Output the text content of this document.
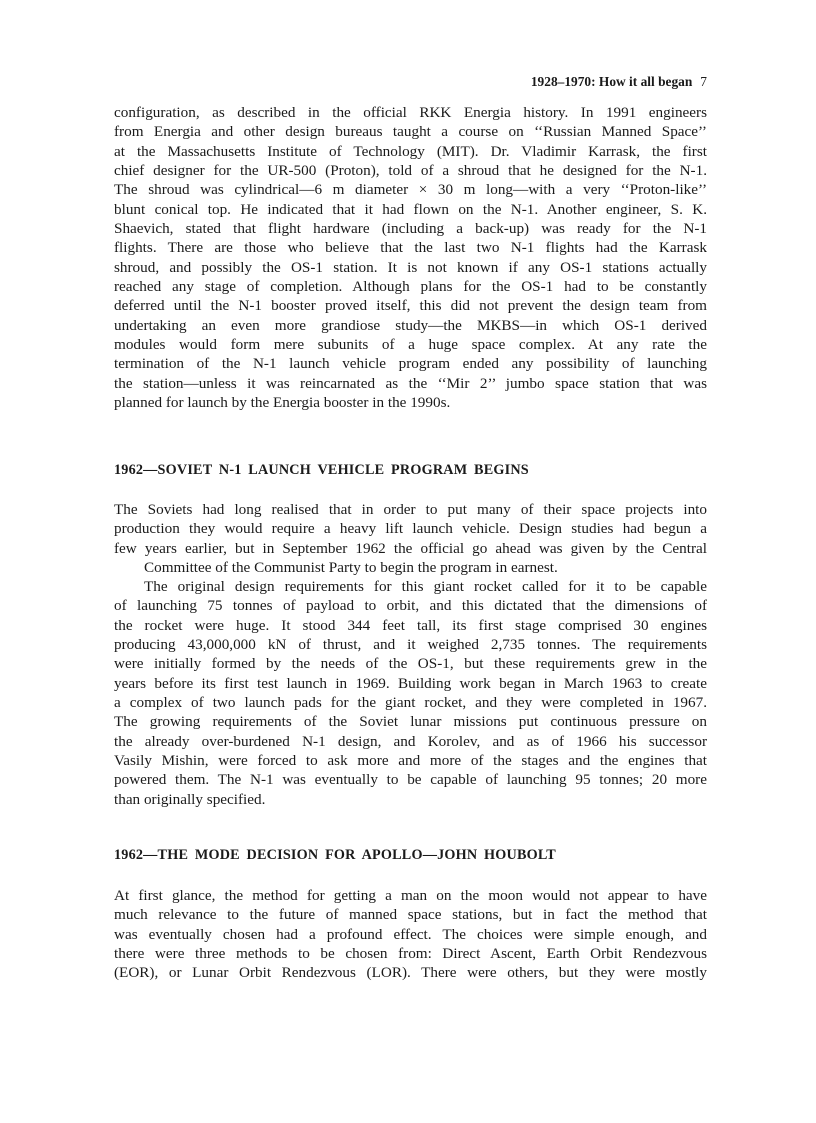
1928–1970: How it all began 7
configuration, as described in the official RKK Energia history. In 1991 engineers
from Energia and other design bureaus taught a course on ‘‘Russian Manned Space’’
at the Massachusetts Institute of Technology (MIT). Dr. Vladimir Karrask, the first
chief designer for the UR-500 (Proton), told of a shroud that he designed for the N-1.
The shroud was cylindrical—6 m diameter × 30 m long—with a very ‘‘Proton-like’’
blunt conical top. He indicated that it had flown on the N-1. Another engineer, S. K.
Shaevich, stated that flight hardware (including a back-up) was ready for the N-1
flights. There are those who believe that the last two N-1 flights had the Karrask
shroud, and possibly the OS-1 station. It is not known if any OS-1 stations actually
reached any stage of completion. Although plans for the OS-1 had to be constantly
deferred until the N-1 booster proved itself, this did not prevent the design team from
undertaking an even more grandiose study—the MKBS—in which OS-1 derived
modules would form mere subunits of a huge space complex. At any rate the
termination of the N-1 launch vehicle program ended any possibility of launching
the station—unless it was reincarnated as the ‘‘Mir 2’’ jumbo space station that was
planned for launch by the Energia booster in the 1990s.
1962—SOVIET N-1 LAUNCH VEHICLE PROGRAM BEGINS
The Soviets had long realised that in order to put many of their space projects into
production they would require a heavy lift launch vehicle. Design studies had begun a
few years earlier, but in September 1962 the official go ahead was given by the Central
Committee of the Communist Party to begin the program in earnest.
The original design requirements for this giant rocket called for it to be capable
of launching 75 tonnes of payload to orbit, and this dictated that the dimensions of
the rocket were huge. It stood 344 feet tall, its first stage comprised 30 engines
producing 43,000,000 kN of thrust, and it weighed 2,735 tonnes. The requirements
were initially formed by the needs of the OS-1, but these requirements grew in the
years before its first test launch in 1969. Building work began in March 1963 to create
a complex of two launch pads for the giant rocket, and they were completed in 1967.
The growing requirements of the Soviet lunar missions put continuous pressure on
the already over-burdened N-1 design, and Korolev, and as of 1966 his successor
Vasily Mishin, were forced to ask more and more of the stages and the engines that
powered them. The N-1 was eventually to be capable of launching 95 tonnes; 20 more
than originally specified.
1962—THE MODE DECISION FOR APOLLO—JOHN HOUBOLT
At first glance, the method for getting a man on the moon would not appear to have
much relevance to the future of manned space stations, but in fact the method that
was eventually chosen had a profound effect. The choices were simple enough, and
there were three methods to be chosen from: Direct Ascent, Earth Orbit Rendezvous
(EOR), or Lunar Orbit Rendezvous (LOR). There were others, but they were mostly
